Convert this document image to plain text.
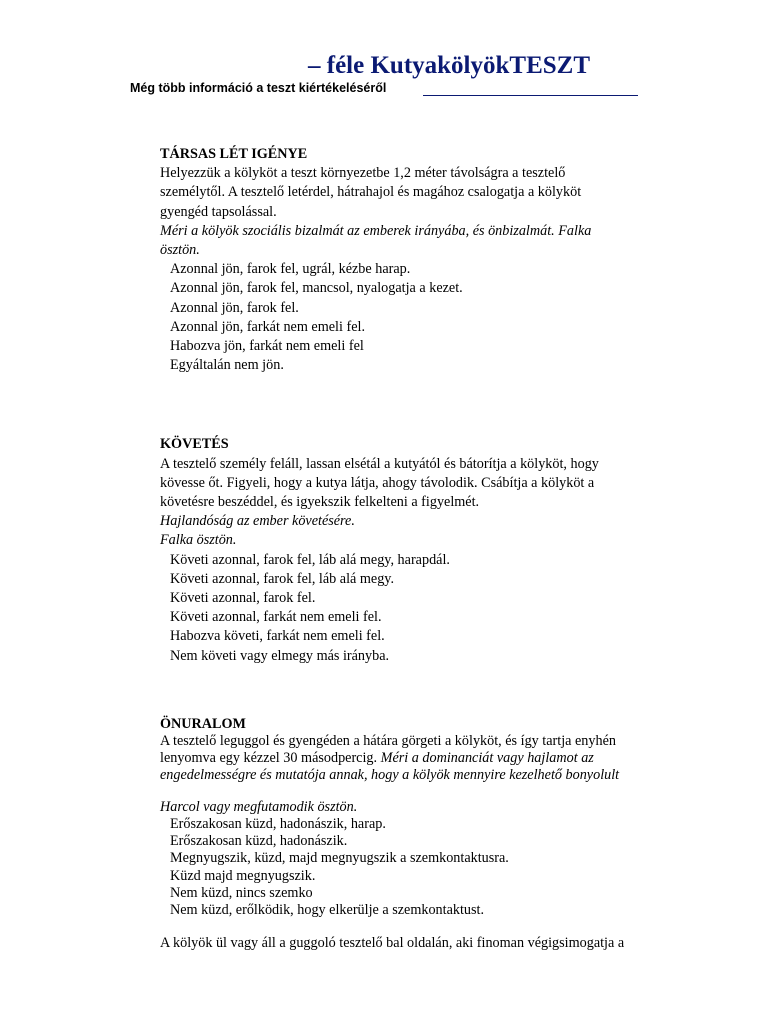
– féle KutyakölyökTESZT
Még több információ a teszt kiértékeléséről

TÁRSAS LÉT IGÉNYE

Helyezzük a kölyköt a teszt környezetbe 1,2 méter távolságra a tesztelő

személytől. A tesztelő letérdel, hátrahajol és magához csalogatja a kölyköt

gyengéd tapsolással.

Méri a kölyök szociális bizalmát az emberek irányába, és önbizalmát. Falka

ösztön.

Azonnal jön, farok fel, ugrál, kézbe harap.

Azonnal jön, farok fel, mancsol, nyalogatja a kezet.

Azonnal jön, farok fel.

Azonnal jön, farkát nem emeli fel.

Habozva jön, farkát nem emeli fel

Egyáltalán nem jön.

KÖVETÉS

A tesztelő személy feláll, lassan elsétál a kutyától és bátorítja a kölyköt, hogy

kövesse őt. Figyeli, hogy a kutya látja, ahogy távolodik. Csábítja a kölyköt a

követésre beszéddel, és igyekszik felkelteni a figyelmét.

Hajlandóság az ember követésére.

Falka ösztön.

Követi azonnal, farok fel, láb alá megy, harapdál.

Követi azonnal, farok fel, láb alá megy.

Követi azonnal, farok fel.

Követi azonnal, farkát nem emeli fel.

Habozva követi, farkát nem emeli fel.

Nem követi vagy elmegy más irányba.

ÖNURALOM

A tesztelő leguggol és gyengéden a hátára görgeti a kölyköt, és így tartja enyhén

lenyomva egy kézzel 30 másodpercig. Méri a dominanciát vagy hajlamot az

engedelmességre és mutatója annak, hogy a kölyök mennyire kezelhető bonyolult

Harcol vagy megfutamodik ösztön.

Erőszakosan küzd, hadonászik, harap.

Erőszakosan küzd, hadonászik.

Megnyugszik, küzd, majd megnyugszik a szemkontaktusra.

Küzd majd megnyugszik.

Nem küzd, nincs szemko

Nem küzd, erőlködik, hogy elkerülje a szemkontaktust.

A kölyök ül vagy áll a guggoló tesztelő bal oldalán, aki finoman végigsimogatja a
